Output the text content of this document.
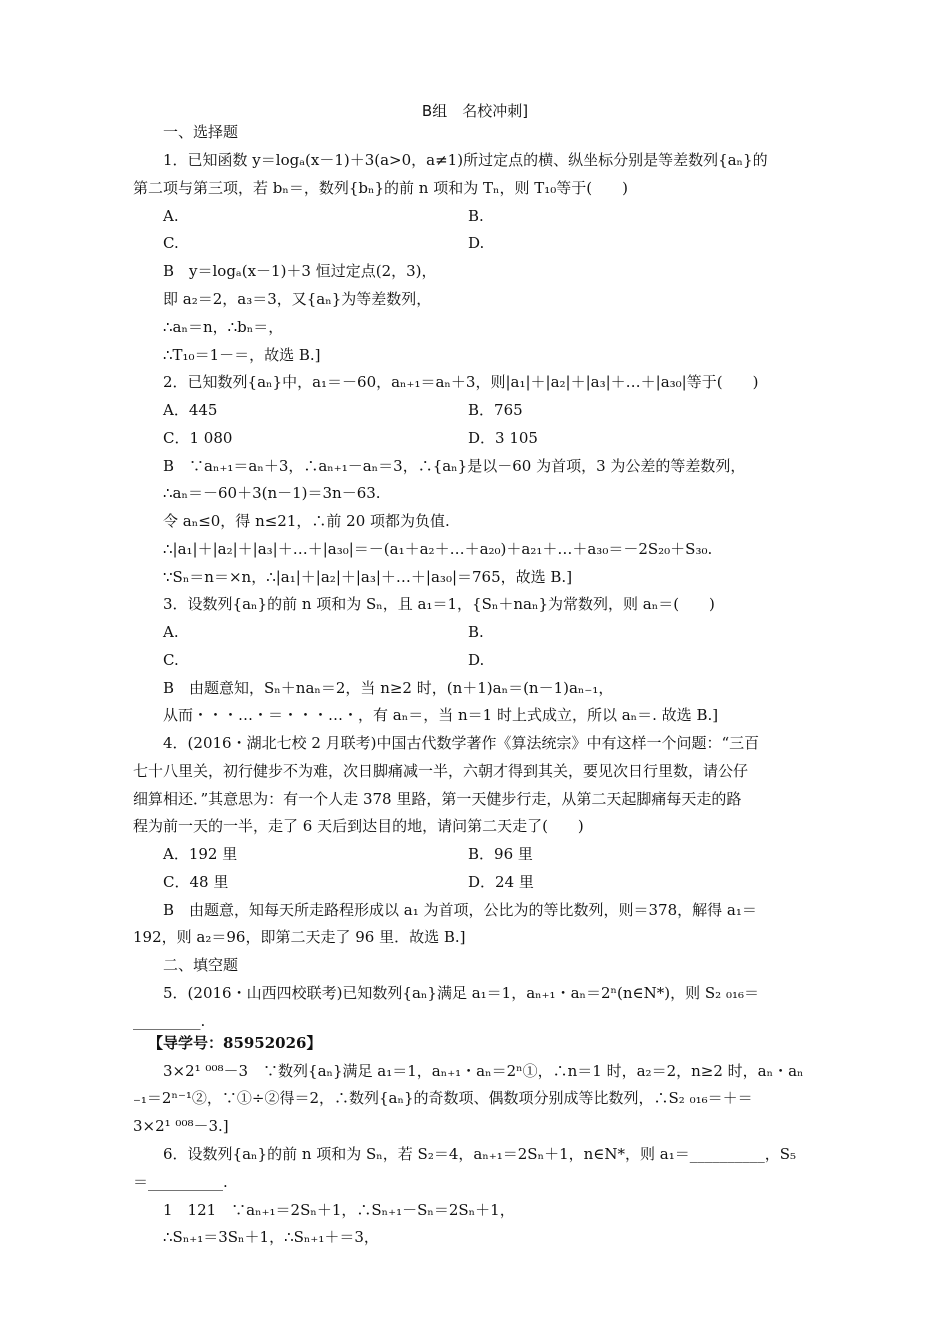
B组　名校冲刺]
一、选择题
1．已知函数 y＝logₐ(x－1)＋3(a>0，a≠1)所过定点的横、纵坐标分别是等差数列{aₙ}的
第二项与第三项，若 bₙ＝，数列{bₙ}的前 n 项和为 Tₙ，则 T₁₀等于(　　)
A.	B.
C.	D.
B　y＝logₐ(x－1)＋3 恒过定点(2，3)，
即 a₂＝2，a₃＝3，又{aₙ}为等差数列，
∴aₙ＝n，∴bₙ＝，
∴T₁₀＝1－＝，故选 B.]
2．已知数列{aₙ}中，a₁＝－60，aₙ₊₁＝aₙ＋3，则|a₁|＋|a₂|＋|a₃|＋…＋|a₃₀|等于(　　)
A．445	B．765
C．1 080	D．3 105
B　∵aₙ₊₁＝aₙ＋3，∴aₙ₊₁－aₙ＝3，∴{aₙ}是以－60 为首项，3 为公差的等差数列，
∴aₙ＝－60＋3(n－1)＝3n－63.
令 aₙ≤0，得 n≤21，∴前 20 项都为负值.
∴|a₁|＋|a₂|＋|a₃|＋…＋|a₃₀|＝－(a₁＋a₂＋…＋a₂₀)＋a₂₁＋…＋a₃₀＝－2S₂₀＋S₃₀.
∵Sₙ＝n＝×n，∴|a₁|＋|a₂|＋|a₃|＋…＋|a₃₀|＝765，故选 B.]
3．设数列{aₙ}的前 n 项和为 Sₙ，且 a₁＝1，{Sₙ＋naₙ}为常数列，则 aₙ＝(　　)
A.	B.
C.	D.
B　由题意知，Sₙ＋naₙ＝2，当 n≥2 时，(n＋1)aₙ＝(n－1)aₙ₋₁，
从而・・・…・＝・・・…・，有 aₙ＝，当 n＝1 时上式成立，所以 aₙ＝. 故选 B.]
4．(2016・湖北七校 2 月联考)中国古代数学著作《算法统宗》中有这样一个问题：“三百
七十八里关，初行健步不为难，次日脚痛减一半，六朝才得到其关，要见次日行里数，请公仔
细算相还．”其意思为：有一个人走 378 里路，第一天健步行走，从第二天起脚痛每天走的路
程为前一天的一半，走了 6 天后到达目的地，请问第二天走了(　　)
A．192 里	B．96 里
C．48 里	D．24 里
B　由题意，知每天所走路程形成以 a₁ 为首项，公比为的等比数列，则＝378，解得 a₁＝
192，则 a₂＝96，即第二天走了 96 里．故选 B.]
二、填空题
5．(2016・山西四校联考)已知数列{aₙ}满足 a₁＝1，aₙ₊₁・aₙ＝2ⁿ(n∈N*)，则 S₂ ₀₁₆＝
_________.
【导学号：85952026】
3×2¹ ⁰⁰⁸－3　∵数列{aₙ}满足 a₁＝1，aₙ₊₁・aₙ＝2ⁿ①，∴n＝1 时，a₂＝2，n≥2 时，aₙ・aₙ
₋₁＝2ⁿ⁻¹②，∵①÷②得＝2，∴数列{aₙ}的奇数项、偶数项分别成等比数列，∴S₂ ₀₁₆＝＋＝
3×2¹ ⁰⁰⁸－3.]
6．设数列{aₙ}的前 n 项和为 Sₙ，若 S₂＝4，aₙ₊₁＝2Sₙ＋1，n∈N*，则 a₁＝__________，S₅
＝__________.
1　121　∵aₙ₊₁＝2Sₙ＋1，∴Sₙ₊₁－Sₙ＝2Sₙ＋1，
∴Sₙ₊₁＝3Sₙ＋1，∴Sₙ₊₁＋＝3，
